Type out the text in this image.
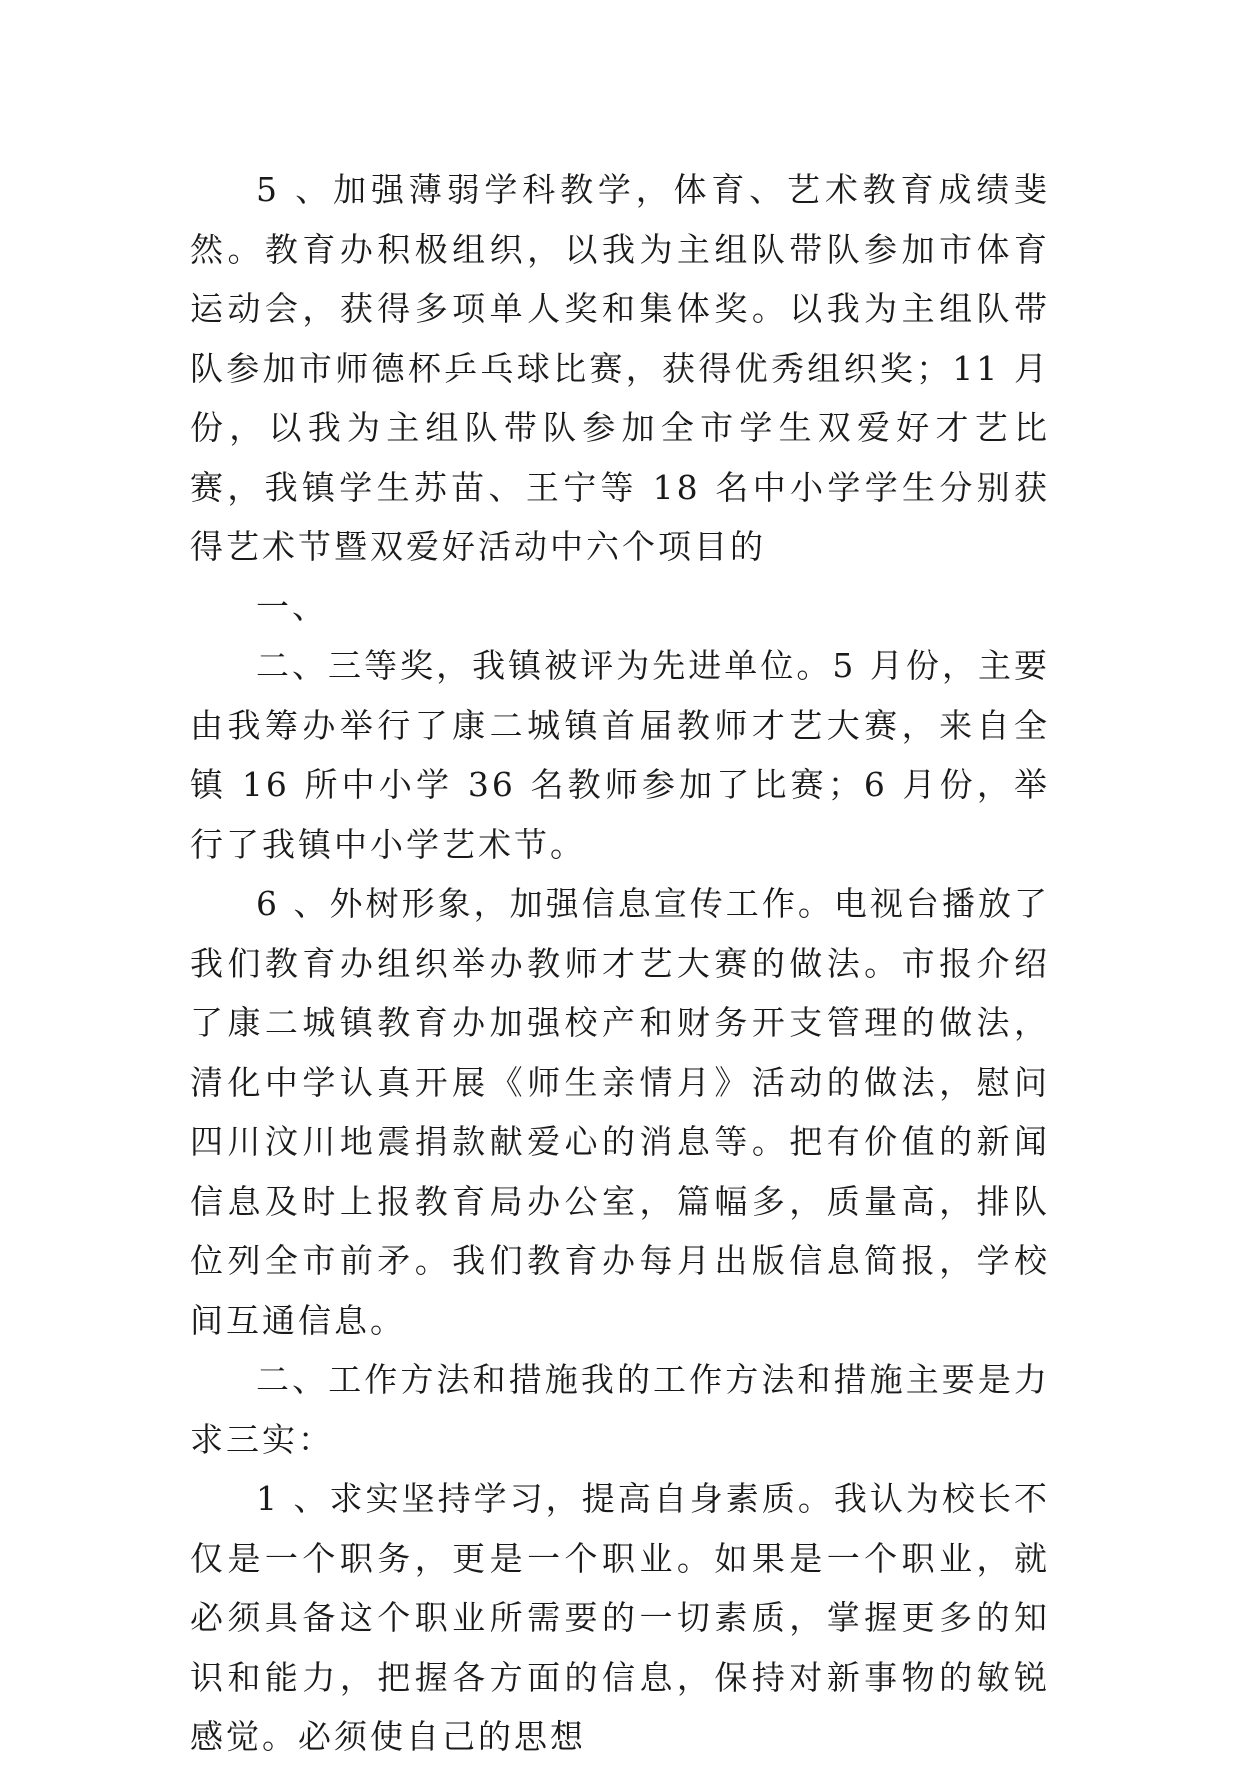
5 、加强薄弱学科教学，体育、艺术教育成绩斐然。教育办积极组织，以我为主组队带队参加市体育运动会，获得多项单人奖和集体奖。以我为主组队带队参加市师德杯乒乓球比赛，获得优秀组织奖；11 月份，以我为主组队带队参加全市学生双爱好才艺比赛，我镇学生苏苗、王宁等 18 名中小学学生分别获得艺术节暨双爱好活动中六个项目的

一、

二、三等奖，我镇被评为先进单位。5 月份，主要由我筹办举行了康二城镇首届教师才艺大赛，来自全镇 16 所中小学 36 名教师参加了比赛；6 月份，举行了我镇中小学艺术节。

6 、外树形象，加强信息宣传工作。电视台播放了我们教育办组织举办教师才艺大赛的做法。市报介绍了康二城镇教育办加强校产和财务开支管理的做法，清化中学认真开展《师生亲情月》活动的做法，慰问四川汶川地震捐款献爱心的消息等。把有价值的新闻信息及时上报教育局办公室，篇幅多，质量高，排队位列全市前矛。我们教育办每月出版信息简报，学校间互通信息。

二、工作方法和措施我的工作方法和措施主要是力求三实：

1 、求实坚持学习，提高自身素质。我认为校长不仅是一个职务，更是一个职业。如果是一个职业，就必须具备这个职业所需要的一切素质，掌握更多的知识和能力，把握各方面的信息，保持对新事物的敏锐感觉。必须使自己的思想
